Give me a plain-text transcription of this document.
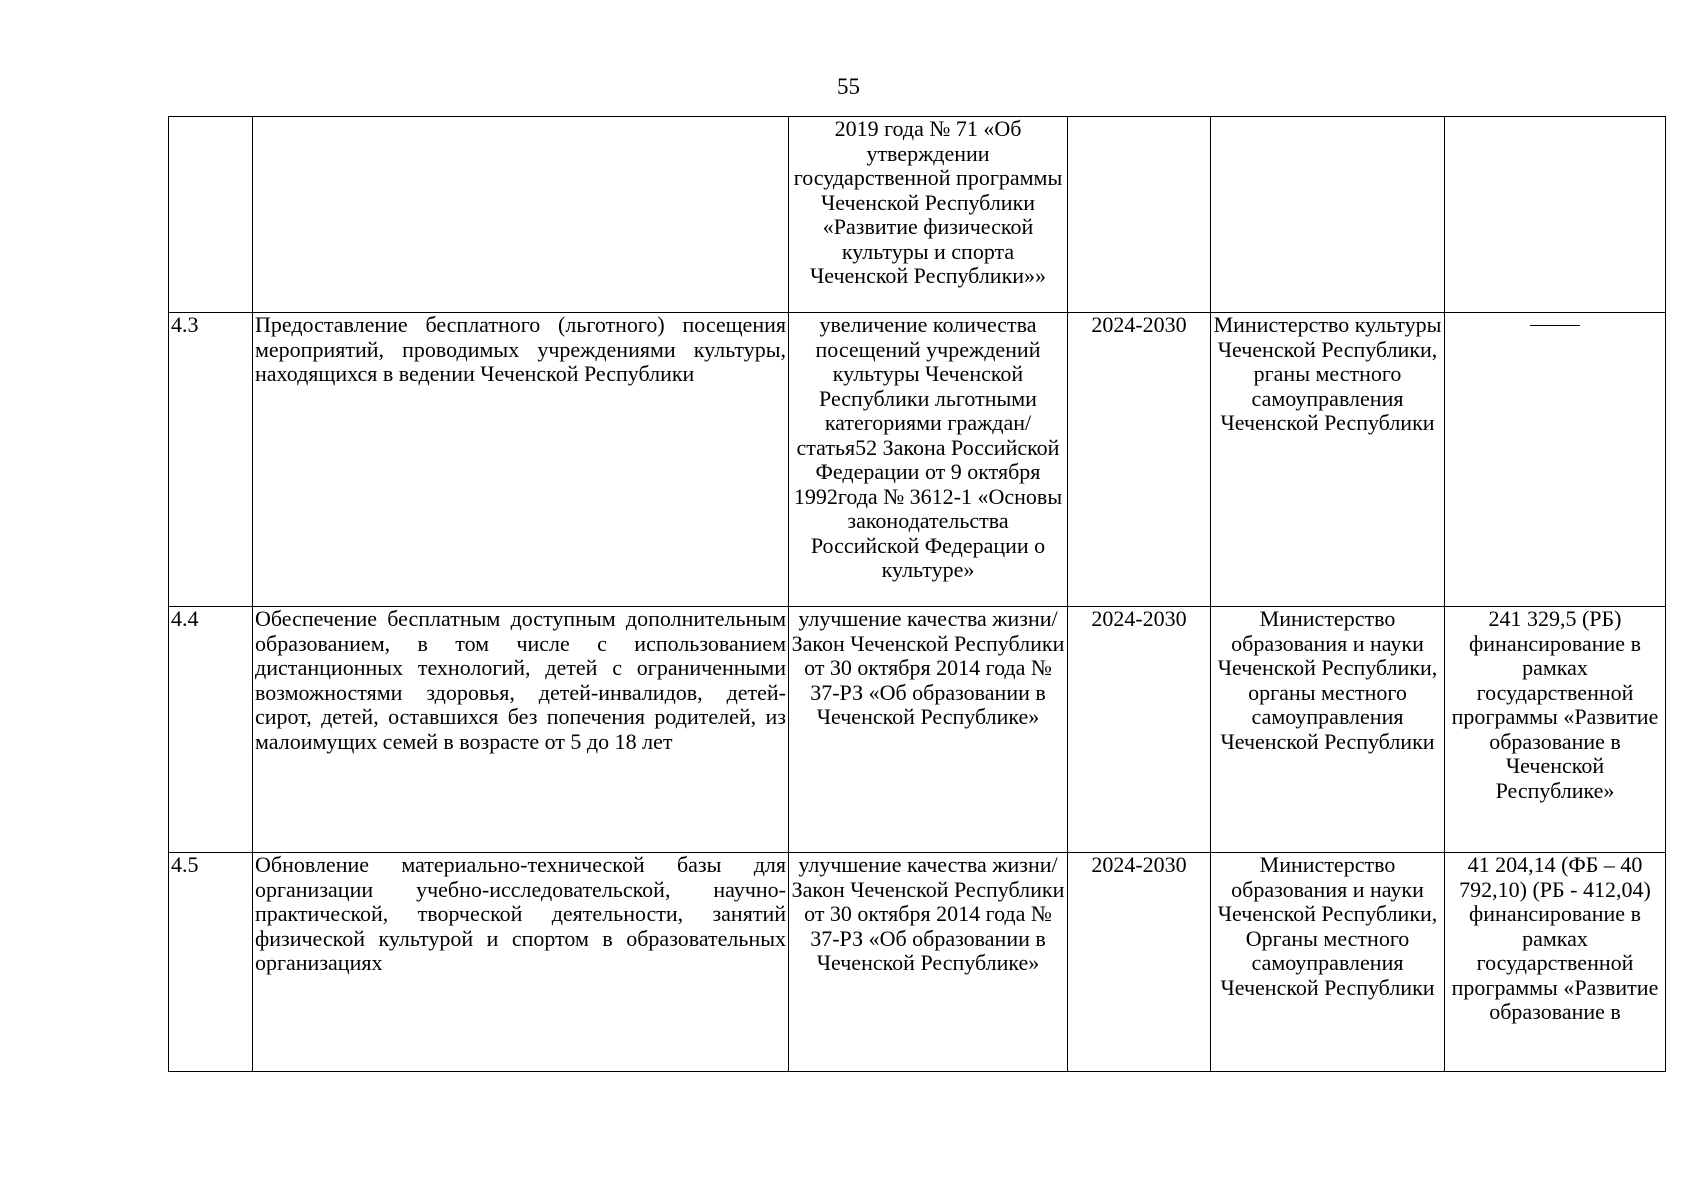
55
		2019 года № 71 «Об утверждении государственной программы Чеченской Республики «Развитие физической культуры и спорта Чеченской Республики»»			
4.3	Предоставление бесплатного (льготного) посещения мероприятий, проводимых учреждениями культуры, находящихся в ведении Чеченской Республики	увеличение количества посещений учреждений культуры Чеченской Республики льготными категориями граждан/ статья52 Закона Российской Федерации от 9 октября 1992года № 3612-1 «Основы законодательства Российской Федерации о культуре»	2024-2030	Министерство культуры Чеченской Республики, рганы местного самоуправления Чеченской Республики	

4.4	Обеспечение бесплатным доступным дополнительным образованием, в том числе с использованием дистанционных технологий, детей с ограниченными возможностями здоровья, детей-инвалидов, детей-сирот, детей, оставшихся без попечения родителей, из малоимущих семей в возрасте от 5 до 18 лет	улучшение качества жизни/ Закон Чеченской Республики от 30 октября 2014 года № 37-РЗ «Об образовании в Чеченской Республике»	2024-2030	Министерство образования и науки Чеченской Республики, органы местного самоуправления Чеченской Республики	241 329,5 (РБ) финансирование в рамках государственной программы «Развитие образование в Чеченской Республике»
4.5	Обновление материально-технической базы для организации учебно-исследовательской, научно-практической, творческой деятельности, занятий физической культурой и спортом в образовательных организациях	улучшение качества жизни/ Закон Чеченской Республики от 30 октября 2014 года № 37-РЗ «Об образовании в Чеченской Республике»	2024-2030	Министерство образования и науки Чеченской Республики, Органы местного самоуправления Чеченской Республики	41 204,14 (ФБ – 40 792,10) (РБ - 412,04) финансирование в рамках государственной программы «Развитие образование в
